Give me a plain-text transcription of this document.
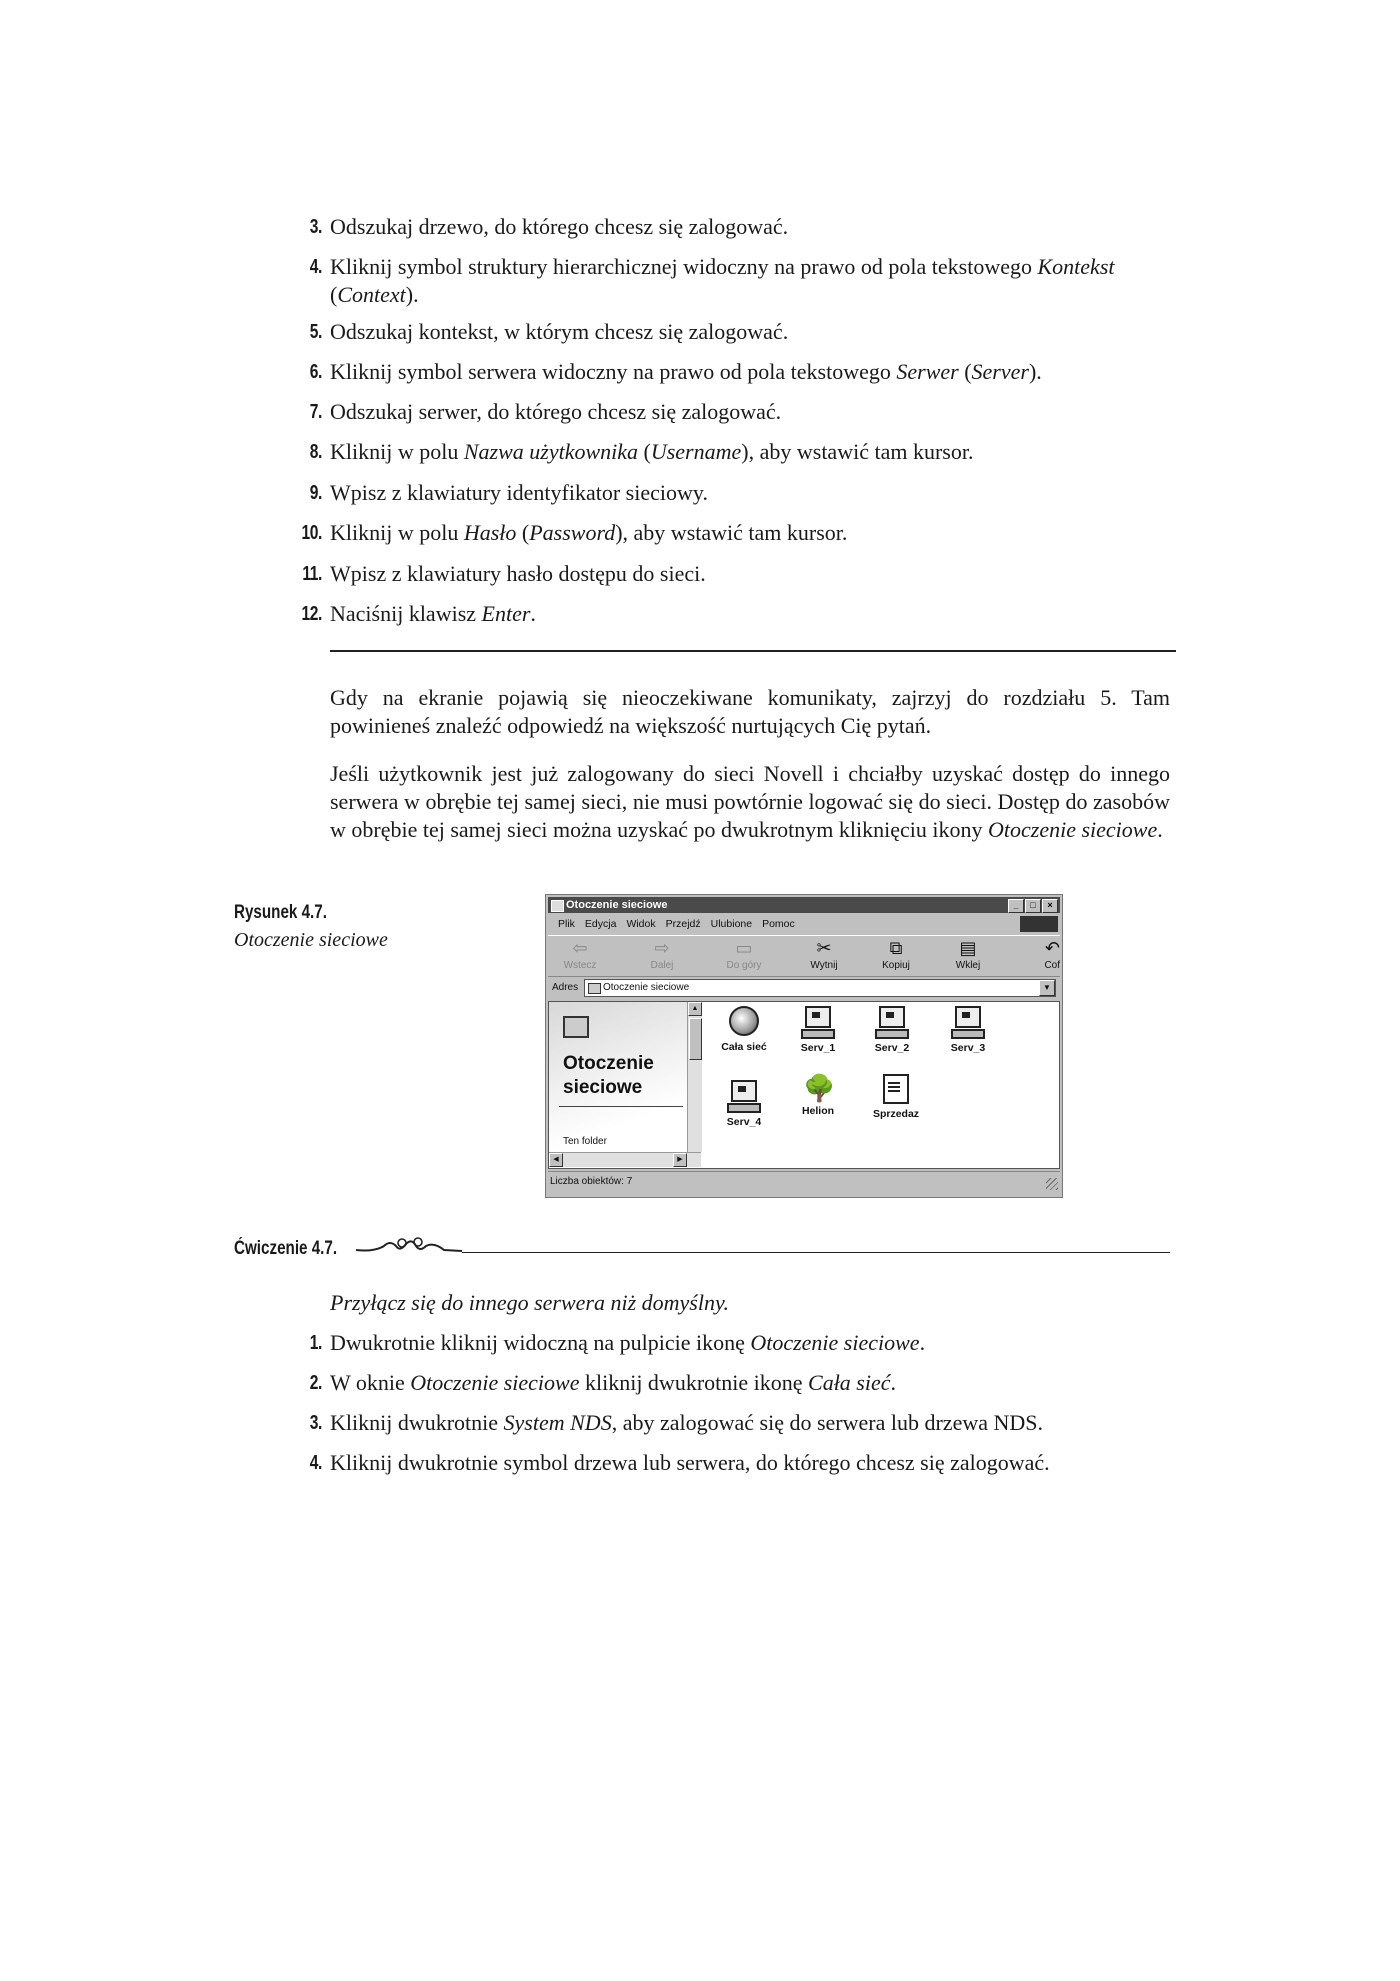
3. Odszukaj drzewo, do którego chcesz się zalogować.
4. Kliknij symbol struktury hierarchicznej widoczny na prawo od pola tekstowego Kontekst (Context).
5. Odszukaj kontekst, w którym chcesz się zalogować.
6. Kliknij symbol serwera widoczny na prawo od pola tekstowego Serwer (Server).
7. Odszukaj serwer, do którego chcesz się zalogować.
8. Kliknij w polu Nazwa użytkownika (Username), aby wstawić tam kursor.
9. Wpisz z klawiatury identyfikator sieciowy.
10. Kliknij w polu Hasło (Password), aby wstawić tam kursor.
11. Wpisz z klawiatury hasło dostępu do sieci.
12. Naciśnij klawisz Enter.
Gdy na ekranie pojawią się nieoczekiwane komunikaty, zajrzyj do rozdziału 5. Tam powinieneś znaleźć odpowiedź na większość nurtujących Cię pytań.
Jeśli użytkownik jest już zalogowany do sieci Novell i chciałby uzyskać dostęp do innego serwera w obrębie tej samej sieci, nie musi powtórnie logować się do sieci. Dostęp do zasobów w obrębie tej samej sieci można uzyskać po dwukrotnym kliknięciu ikony Otoczenie sieciowe.
Rysunek 4.7.
Otoczenie sieciowe
Otoczenie sieciowe	_	□	×
Plik Edycja Widok Przejdź Ulubione Pomoc
⇦
Wstecz
⇨
Dalej
▭
Do góry
✂
Wytnij
⧉
Kopiuj
▤
Wklej
↶
Cof
Adres	Otoczenie sieciowe	▼
Otoczenie
sieciowe
Ten folder
▲
◀	▶
Cała sieć	Serv_1	Serv_2	Serv_3
Serv_4
🌳
Helion	Sprzedaz
Liczba obiektów: 7
Ćwiczenie 4.7.
Przyłącz się do innego serwera niż domyślny.
1. Dwukrotnie kliknij widoczną na pulpicie ikonę Otoczenie sieciowe.
2. W oknie Otoczenie sieciowe kliknij dwukrotnie ikonę Cała sieć.
3. Kliknij dwukrotnie System NDS, aby zalogować się do serwera lub drzewa NDS.
4. Kliknij dwukrotnie symbol drzewa lub serwera, do którego chcesz się zalogować.
